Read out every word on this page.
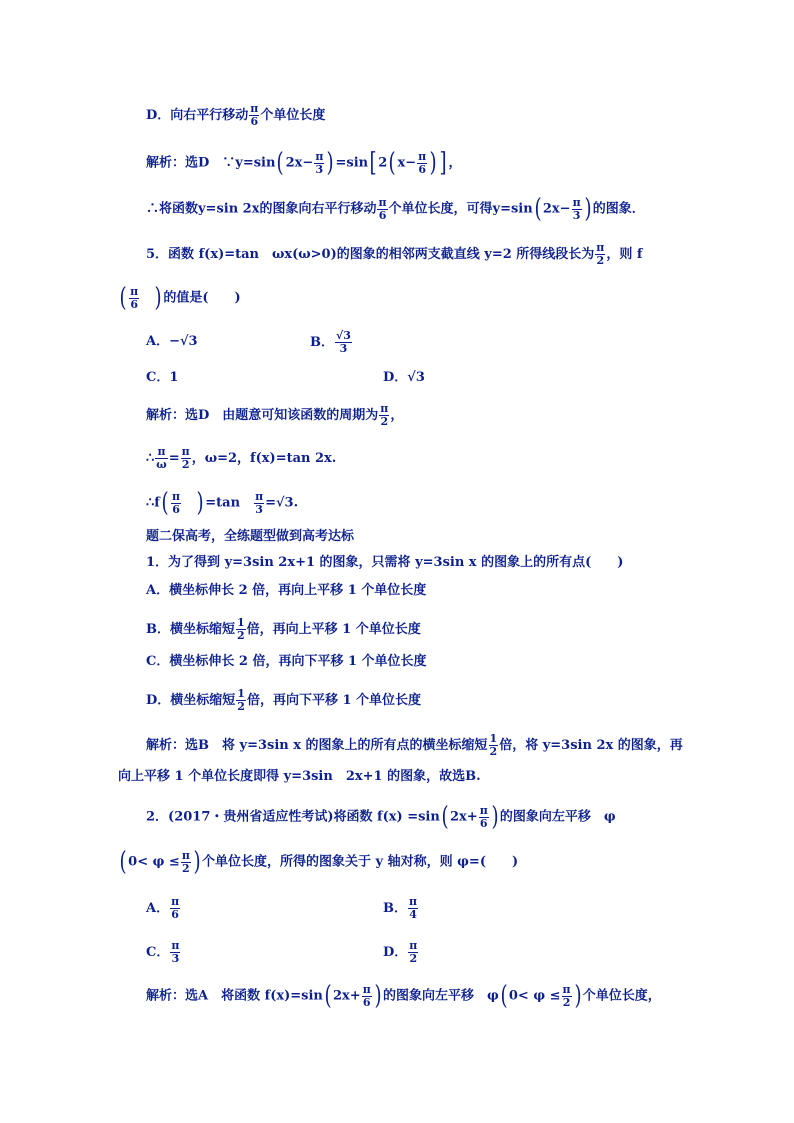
D．向右平行移动 $\frac{\pi}{6}$ 个单位长度
解析：选D　 ∵y=sin( $2x- \frac{\pi}{3}$ ) =sin[ 2( $x- \frac{\pi}{6}$ ) ] ，
∴将函数y=sin 2x的图象向右平行移动 $\frac{\pi}{6}$ 个单位长度，可得y=sin( $2x- \frac{\pi}{3}$ ) 的图象．
5．函数 f(x)=tan　ωx(ω>0)的图象的相邻两支截直线 y=2 所得线段长为 $\frac{\pi}{2}$ ，则 f
( $\frac{\pi}{6}$
　 ) 的值是(　　)
A．−√3	B． $\frac{√3}{3}$
C．1	D．√3
解析：选D　由题意可知该函数的周期为 $\frac{\pi}{2}$ ，
∴ $\frac{\pi}{\omega} = \frac{\pi}{2}$ ，ω=2，f(x)=tan 2x.
∴f( $\frac{\pi}{6}$
　 ) =tan　 $\frac{\pi}{3} =√3$.
题二保高考，全练题型做到高考达标
1．为了得到 y=3sin 2x+1 的图象，只需将 y=3sin x 的图象上的所有点(　　)
A．横坐标伸长 2 倍，再向上平移 1 个单位长度
B．横坐标缩短 $\frac{1}{2}$ 倍，再向上平移 1 个单位长度
C．横坐标伸长 2 倍，再向下平移 1 个单位长度
D．横坐标缩短 $\frac{1}{2}$ 倍，再向下平移 1 个单位长度
解析：选B　将 y=3sin x 的图象上的所有点的横坐标缩短 $\frac{1}{2}$ 倍，将 y=3sin 2x 的图象，再
向上平移 1 个单位长度即得 y=3sin　2x+1 的图象，故选B.
2．(2017・贵州省适应性考试)将函数 f(x) =sin( $2x+ \frac{\pi}{6}$ ) 的图象向左平移　φ
( $0< \varphi \le \frac{\pi}{2}$ ) 个单位长度，所得的图象关于 y 轴对称，则 φ=(　　)
A． $\frac{\pi}{6}$	B． $\frac{\pi}{4}$
C． $\frac{\pi}{3}$	D． $\frac{\pi}{2}$
解析：选A　将函数 f(x)=sin( $2x+ \frac{\pi}{6}$ ) 的图象向左平移　φ( $0< \varphi \le \frac{\pi}{2}$ ) 个单位长度，
